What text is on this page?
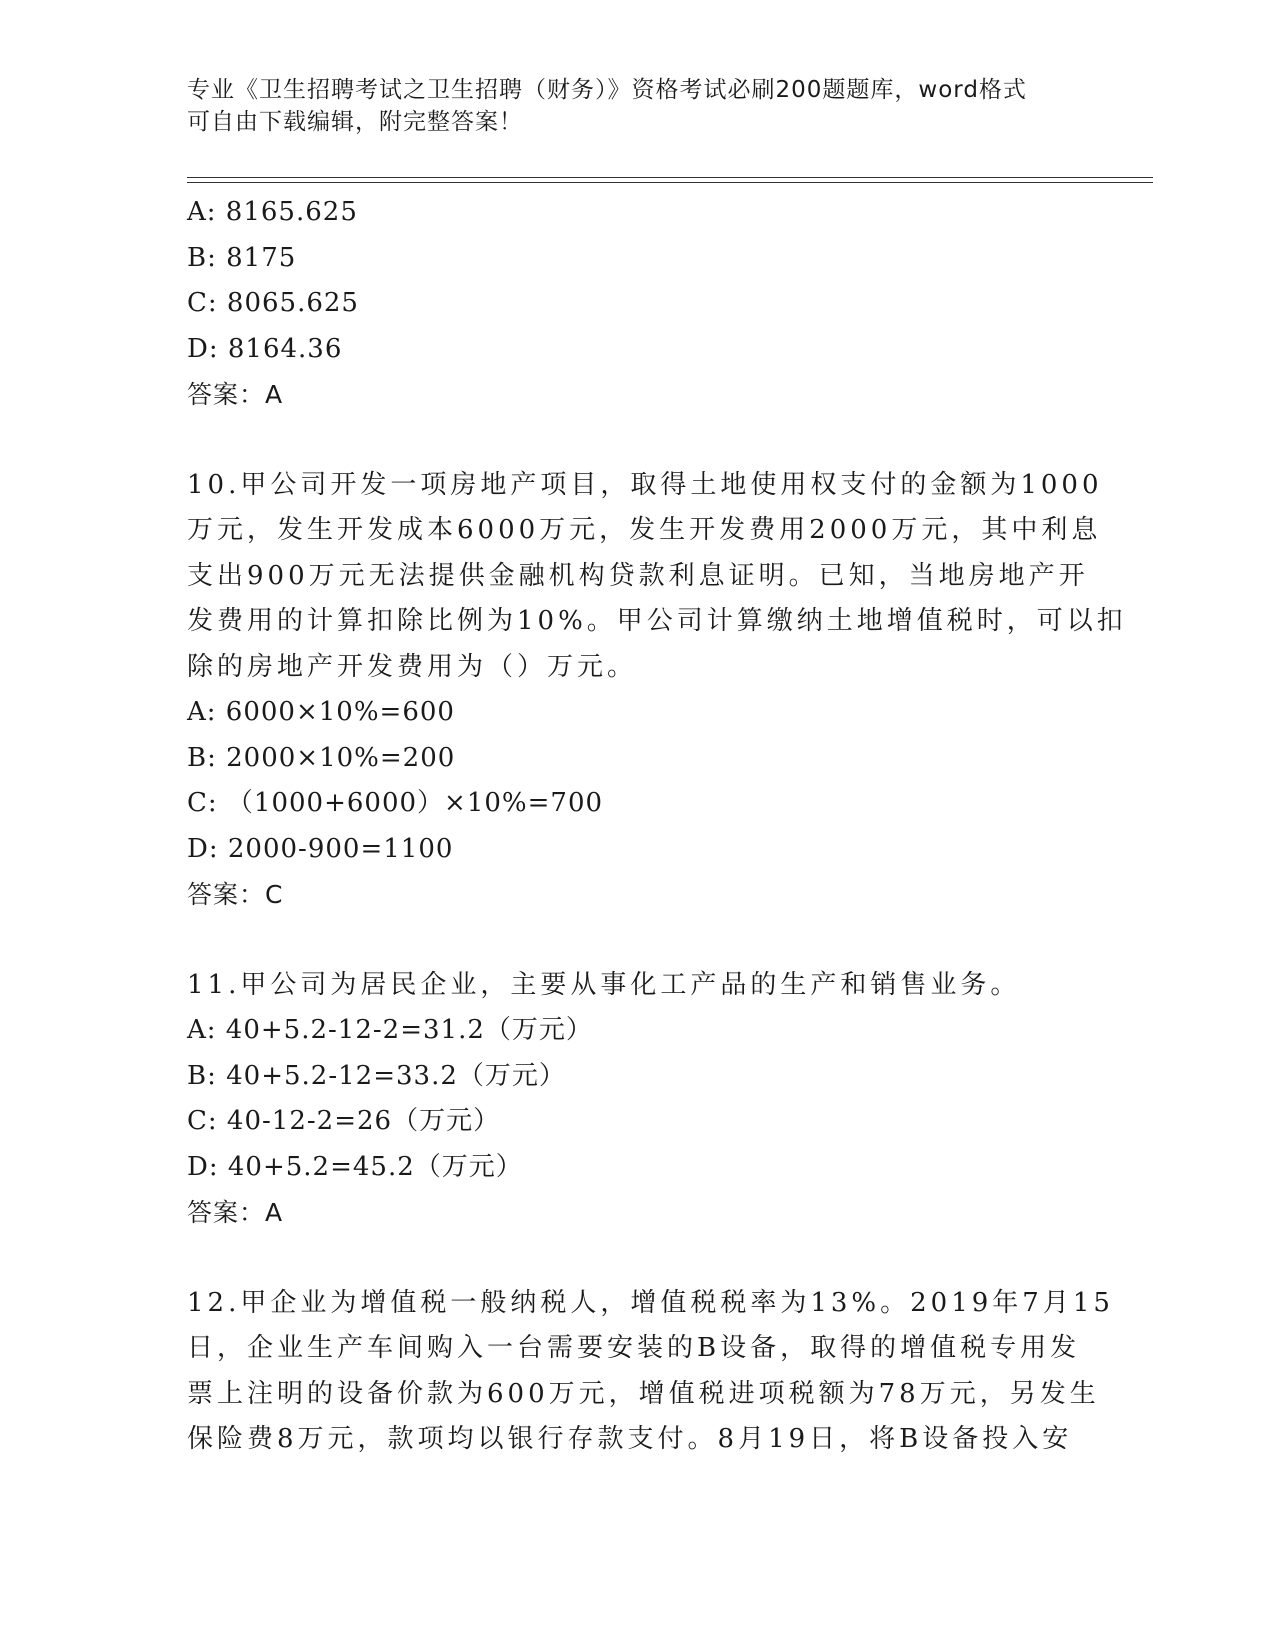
专业《卫生招聘考试之卫生招聘（财务）》资格考试必刷200题题库，word格式
可自由下载编辑，附完整答案！
A: 8165.625
B: 8175
C: 8065.625
D: 8164.36
答案：A
10.甲公司开发一项房地产项目，取得土地使用权支付的金额为1000
万元，发生开发成本6000万元，发生开发费用2000万元，其中利息
支出900万元无法提供金融机构贷款利息证明。已知，当地房地产开
发费用的计算扣除比例为10%。甲公司计算缴纳土地增值税时，可以扣
除的房地产开发费用为（）万元。
A: 6000×10%=600
B: 2000×10%=200
C: （1000+6000）×10%=700
D: 2000-900=1100
答案：C
11.甲公司为居民企业，主要从事化工产品的生产和销售业务。
A: 40+5.2-12-2=31.2（万元）
B: 40+5.2-12=33.2（万元）
C: 40-12-2=26（万元）
D: 40+5.2=45.2（万元）
答案：A
12.甲企业为增值税一般纳税人，增值税税率为13%。2019年7月15
日，企业生产车间购入一台需要安装的B设备，取得的增值税专用发
票上注明的设备价款为600万元，增值税进项税额为78万元，另发生
保险费8万元，款项均以银行存款支付。8月19日，将B设备投入安
